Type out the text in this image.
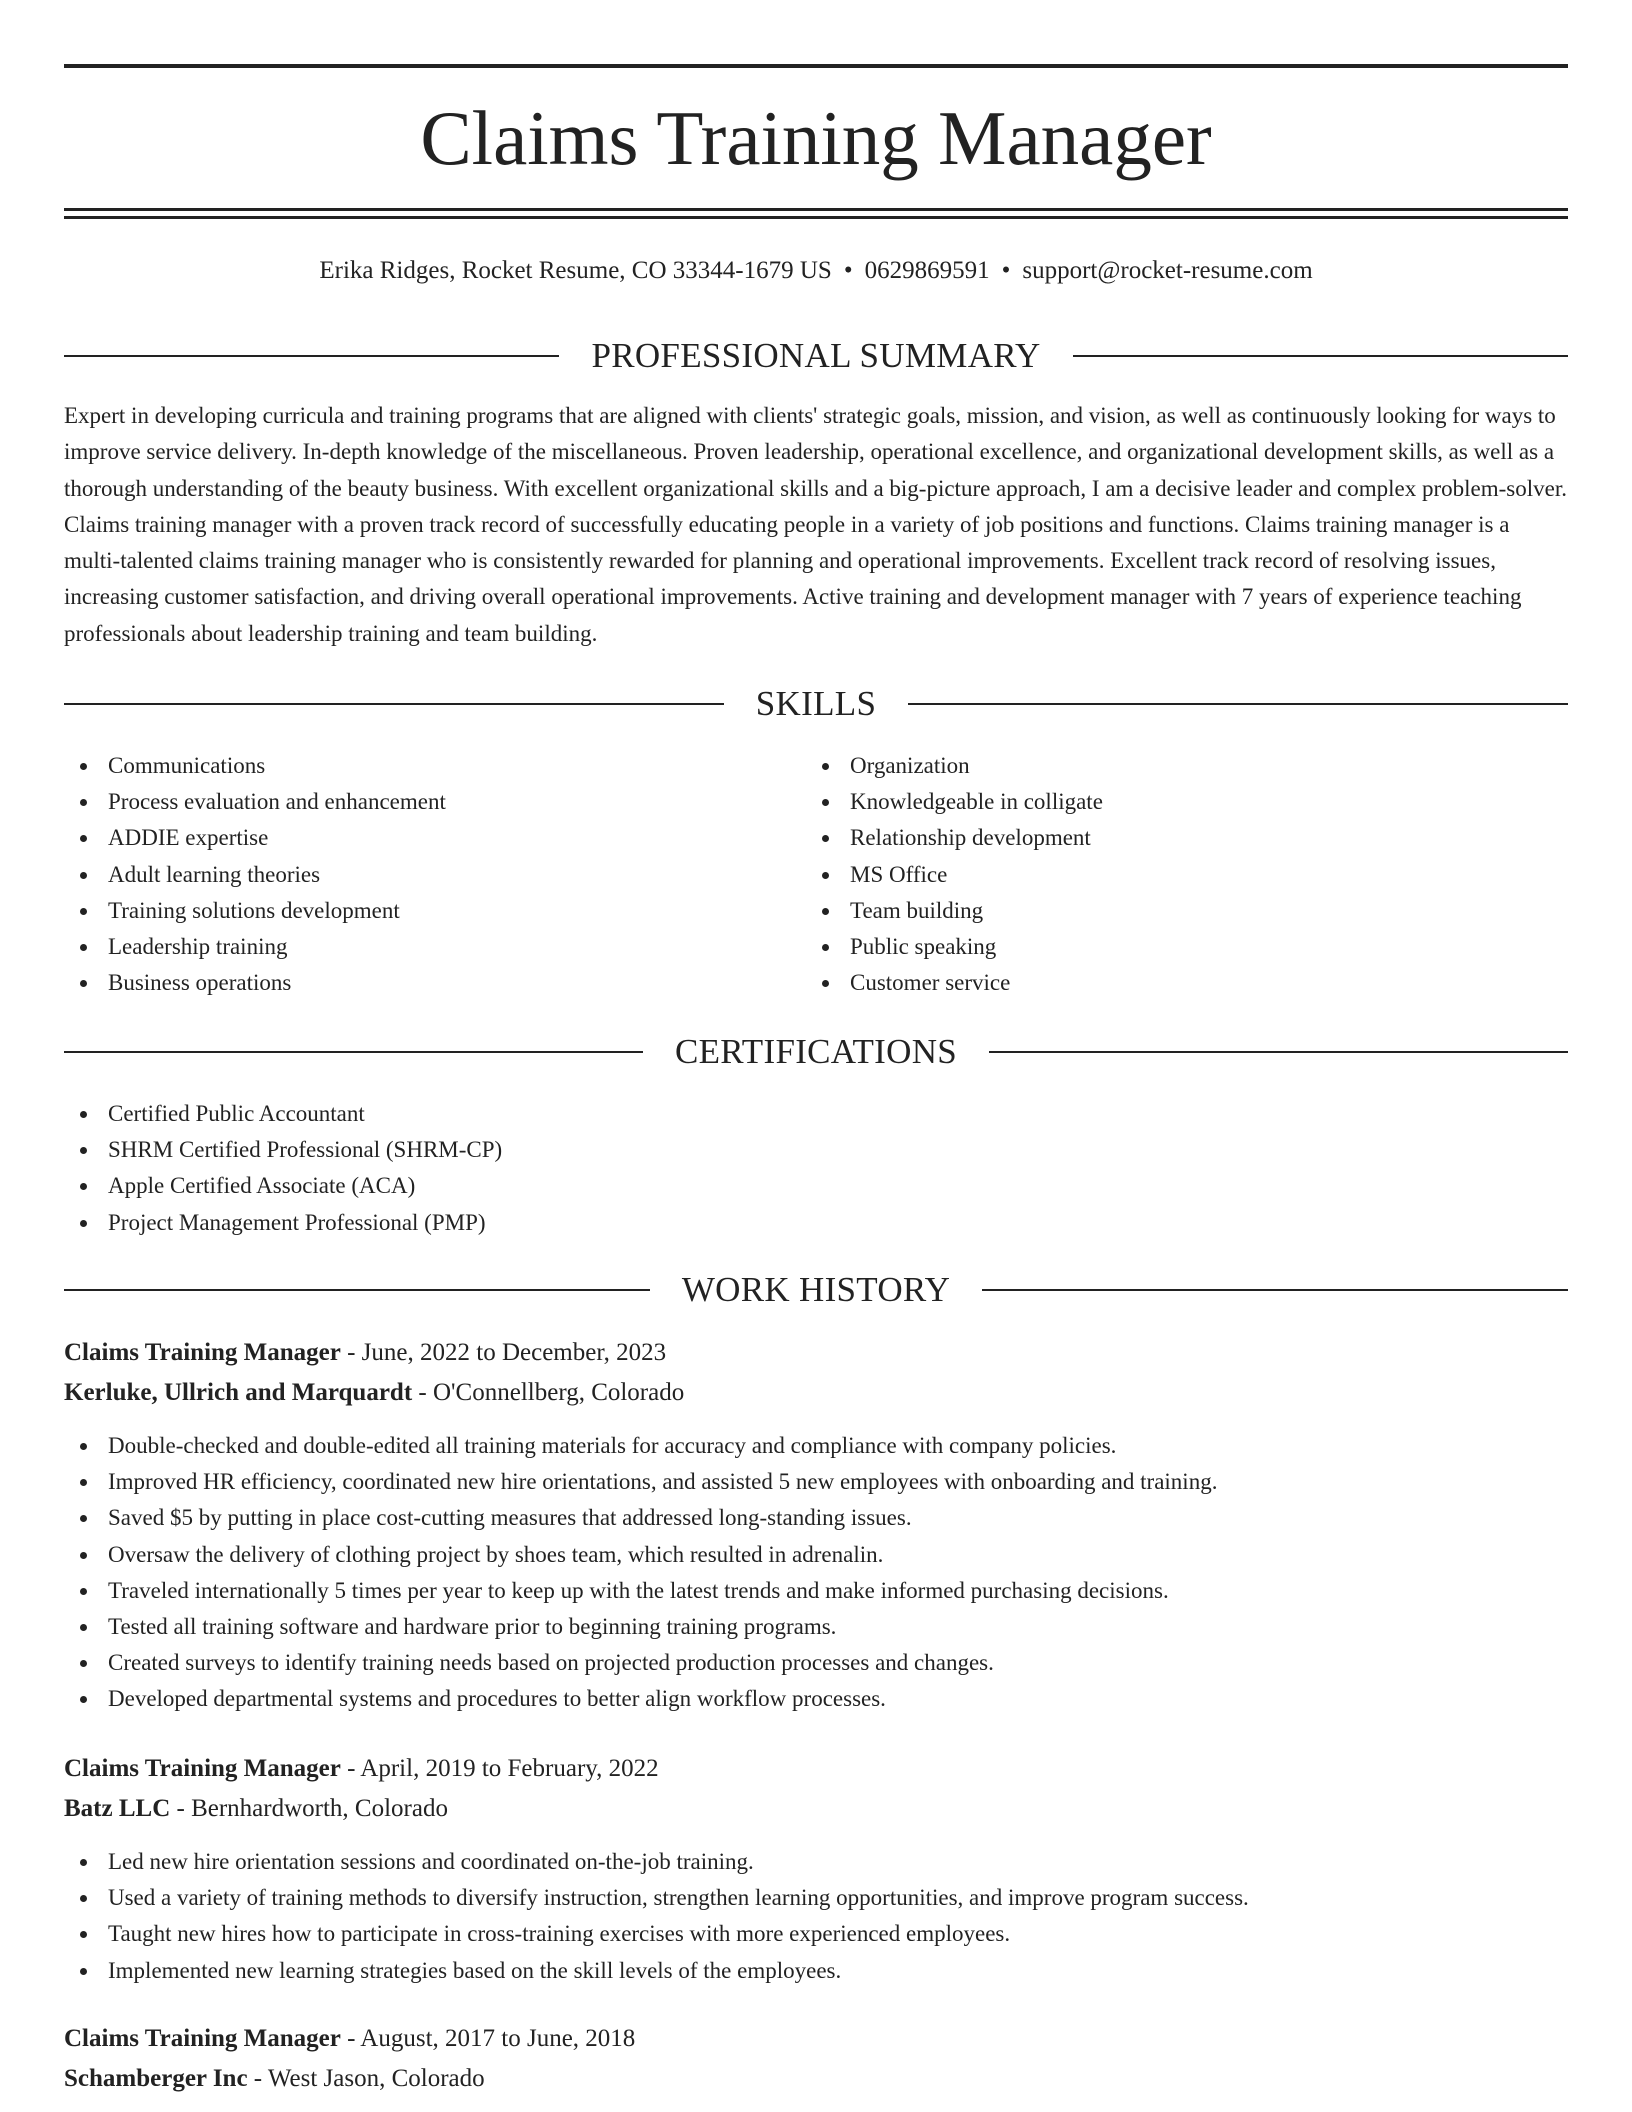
Claims Training Manager
Erika Ridges, Rocket Resume, CO 33344-1679 US • 0629869591 • support@rocket-resume.com
PROFESSIONAL SUMMARY

Expert in developing curricula and training programs that are aligned with clients' strategic goals, mission, and vision, as well as continuously looking for ways to improve service delivery. In-depth knowledge of the miscellaneous. Proven leadership, operational excellence, and organizational development skills, as well as a thorough understanding of the beauty business. With excellent organizational skills and a big-picture approach, I am a decisive leader and complex problem-solver. Claims training manager with a proven track record of successfully educating people in a variety of job positions and functions. Claims training manager is a multi-talented claims training manager who is consistently rewarded for planning and operational improvements. Excellent track record of resolving issues, increasing customer satisfaction, and driving overall operational improvements. Active training and development manager with 7 years of experience teaching professionals about leadership training and team building.

SKILLS
Communications
Process evaluation and enhancement
ADDIE expertise
Adult learning theories
Training solutions development
Leadership training
Business operations
Organization
Knowledgeable in colligate
Relationship development
MS Office
Team building
Public speaking
Customer service
CERTIFICATIONS
Certified Public Accountant
SHRM Certified Professional (SHRM-CP)
Apple Certified Associate (ACA)
Project Management Professional (PMP)
WORK HISTORY
Claims Training Manager - June, 2022 to December, 2023
Kerluke, Ullrich and Marquardt - O'Connellberg, Colorado
Double-checked and double-edited all training materials for accuracy and compliance with company policies.
Improved HR efficiency, coordinated new hire orientations, and assisted 5 new employees with onboarding and training.
Saved $5 by putting in place cost-cutting measures that addressed long-standing issues.
Oversaw the delivery of clothing project by shoes team, which resulted in adrenalin.
Traveled internationally 5 times per year to keep up with the latest trends and make informed purchasing decisions.
Tested all training software and hardware prior to beginning training programs.
Created surveys to identify training needs based on projected production processes and changes.
Developed departmental systems and procedures to better align workflow processes.
Claims Training Manager - April, 2019 to February, 2022
Batz LLC - Bernhardworth, Colorado
Led new hire orientation sessions and coordinated on-the-job training.
Used a variety of training methods to diversify instruction, strengthen learning opportunities, and improve program success.
Taught new hires how to participate in cross-training exercises with more experienced employees.
Implemented new learning strategies based on the skill levels of the employees.
Claims Training Manager - August, 2017 to June, 2018
Schamberger Inc - West Jason, Colorado
